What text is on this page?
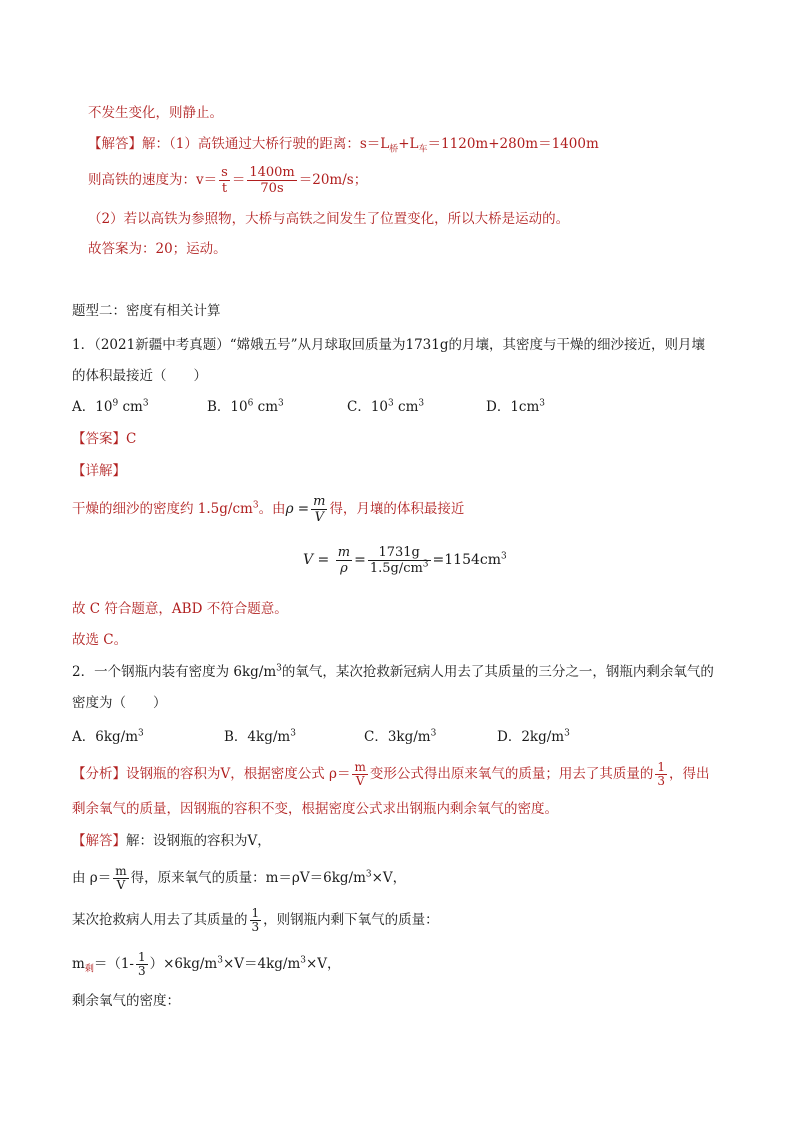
不发生变化，则静止。
【解答】解：（1）高铁通过大桥行驶的距离：$s=L_桥+L_车=1120m+280m=1400m$
则高铁的速度为：$v= \frac{s}{t} = \frac{1400m}{70s} =20m/s$；
（2）若以高铁为参照物，大桥与高铁之间发生了位置变化，所以大桥是运动的。
故答案为：20；运动。
题型二：密度有相关计算
1．（2021新疆中考真题）“嫦娥五号”从月球取回质量为1731g的月壤，其密度与干燥的细沙接近，则月壤
的体积最接近（　　）
A．$10^9$ $cm^3$	B．$10^6$ $cm^3$	C．$10^3$ $cm^3$	D．$1cm^3$
【答案】C
【详解】
干燥的细沙的密度约 $1.5g/cm^3$。由$\rho = \frac{m}{V}$ 得，月壤的体积最接近
$V = \frac{m}{\rho} = \frac{1731g}{1.5g/cm^3} =1154cm^3$
故 C 符合题意，ABD 不符合题意。
故选 C。
2．一个钢瓶内装有密度为 $6kg/m^3$的氧气，某次抢救新冠病人用去了其质量的三分之一，钢瓶内剩余氧气的
密度为（　　）
A．$6kg/m^3$	B．$4kg/m^3$	C．$3kg/m^3$	D．$2kg/m^3$
【分析】设钢瓶的容积为V，根据密度公式 $\rho= \frac{m}{V}$ 变形公式得出原来氧气的质量；用去了其质量的 $\frac{1}{3}$ ，得出
剩余氧气的质量，因钢瓶的容积不变，根据密度公式求出钢瓶内剩余氧气的密度。
【解答】解：设钢瓶的容积为V，
由 $\rho= \frac{m}{V}$ 得，原来氧气的质量：$m=\rho V=6kg/m^3\times V$，
某次抢救病人用去了其质量的 $\frac{1}{3}$ ，则钢瓶内剩下氧气的质量：
$m_剩=(1- \frac{1}{3} )\times 6kg/m^3\times V=4kg/m^3\times V$，
剩余氧气的密度：
